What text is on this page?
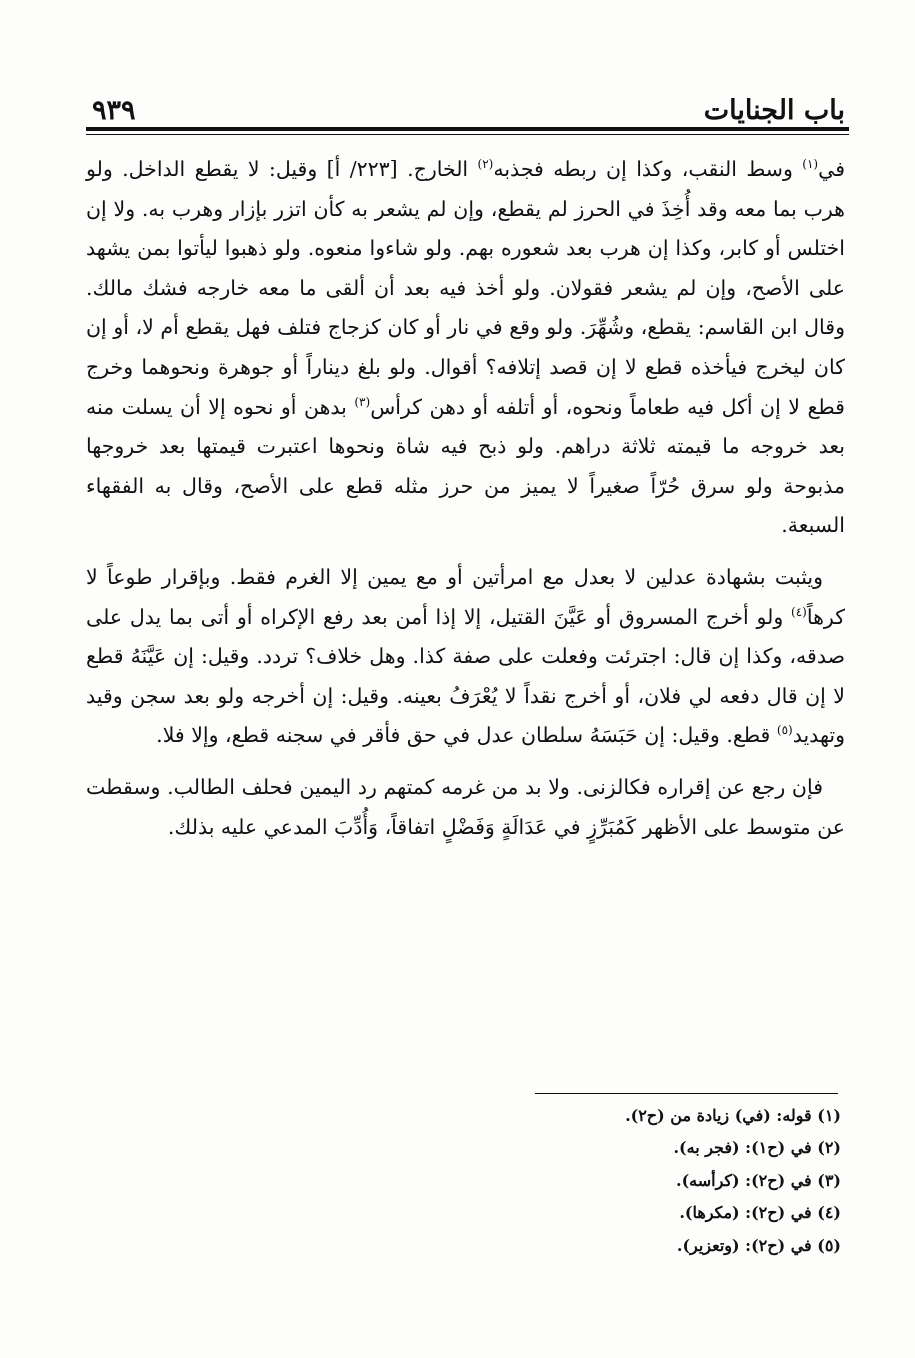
باب الجنايات
٩٣٩

في$^{(١)}$ وسط النقب، وكذا إن ربطه فجذبه$^{(٢)}$ الخارج. [٢٢٣/ أ] وقيل: لا يقطع الداخل. ولو هرب بما معه وقد أُخِذَ في الحرز لم يقطع، وإن لم يشعر به كأن اتزر بإزار وهرب به. ولا إن اختلس أو كابر، وكذا إن هرب بعد شعوره بهم. ولو شاءوا منعوه. ولو ذهبوا ليأتوا بمن يشهد على الأصح، وإن لم يشعر فقولان. ولو أخذ فيه بعد أن ألقى ما معه خارجه فشك مالك. وقال ابن القاسم: يقطع، وشُهِّرَ. ولو وقع في نار أو كان كزجاج فتلف فهل يقطع أم لا، أو إن كان ليخرج فيأخذه قطع لا إن قصد إتلافه؟ أقوال. ولو بلغ ديناراً أو جوهرة ونحوهما وخرج قطع لا إن أكل فيه طعاماً ونحوه، أو أتلفه أو دهن كرأس$^{(٣)}$ بدهن أو نحوه إلا أن يسلت منه بعد خروجه ما قيمته ثلاثة دراهم. ولو ذبح فيه شاة ونحوها اعتبرت قيمتها بعد خروجها مذبوحة ولو سرق حُرّاً صغيراً لا يميز من حرز مثله قطع على الأصح، وقال به الفقهاء السبعة.

ويثبت بشهادة عدلين لا بعدل مع امرأتين أو مع يمين إلا الغرم فقط. وبإقرار طوعاً لا كرهاً$^{(٤)}$ ولو أخرج المسروق أو عَيَّنَ القتيل، إلا إذا أمن بعد رفع الإكراه أو أتى بما يدل على صدقه، وكذا إن قال: اجترئت وفعلت على صفة كذا. وهل خلاف؟ تردد. وقيل: إن عَيَّنَهُ قطع لا إن قال دفعه لي فلان، أو أخرج نقداً لا يُعْرَفُ بعينه. وقيل: إن أخرجه ولو بعد سجن وقيد وتهديد$^{(٥)}$ قطع. وقيل: إن حَبَسَهُ سلطان عدل في حق فأقر في سجنه قطع، وإلا فلا.

فإن رجع عن إقراره فكالزنى. ولا بد من غرمه كمتهم رد اليمين فحلف الطالب. وسقطت عن متوسط على الأظهر كَمُبَرِّزٍ في عَدَالَةٍ وَفَضْلٍ اتفاقاً، وَأُدِّبَ المدعي عليه بذلك.

(١) قوله: (في) زيادة من (ح٢).

(٢) في (ح١): (فجر به).

(٣) في (ح٢): (كرأسه).

(٤) في (ح٢): (مكرها).

(٥) في (ح٢): (وتعزير).
